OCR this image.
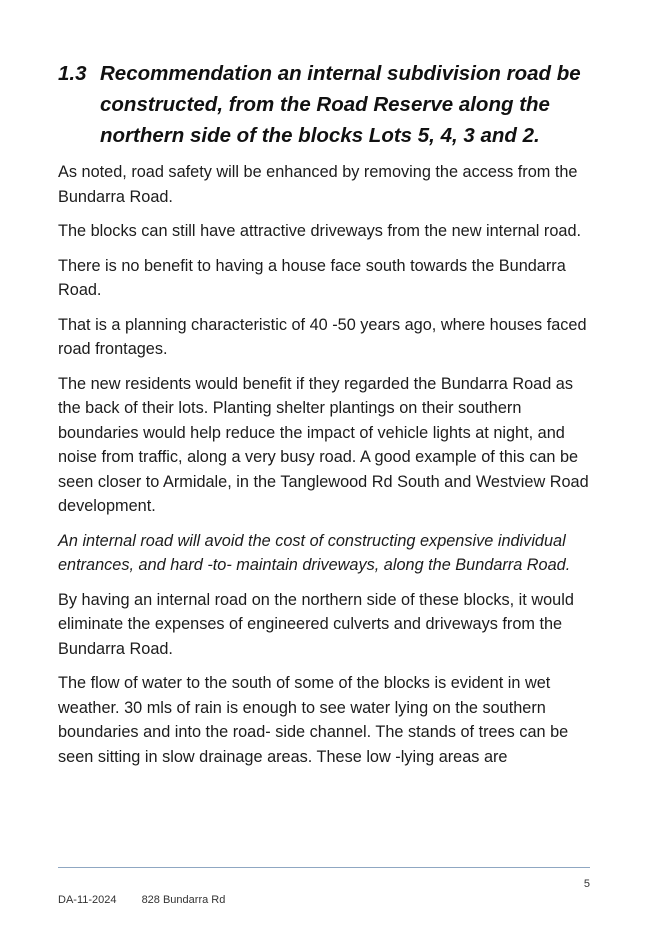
1.3 Recommendation an internal subdivision road be constructed, from the Road Reserve along the northern side of the blocks Lots 5, 4, 3 and 2.

As noted, road safety will be enhanced by removing the access from the Bundarra Road.

The blocks can still have attractive driveways from the new internal road.

There is no benefit to having a house face south towards the Bundarra Road.

That is a planning characteristic of 40 -50 years ago, where houses faced road frontages.

The new residents would benefit if they regarded the Bundarra Road as the back of their lots. Planting shelter plantings on their southern boundaries would help reduce the impact of vehicle lights at night, and noise from traffic, along a very busy road. A good example of this can be seen closer to Armidale, in the Tanglewood Rd South and Westview Road development.

An internal road will avoid the cost of constructing expensive individual entrances, and hard -to- maintain driveways, along the Bundarra Road.

By having an internal road on the northern side of these blocks, it would eliminate the expenses of engineered culverts and driveways from the Bundarra Road.

The flow of water to the south of some of the blocks is evident in wet weather. 30 mls of rain is enough to see water lying on the southern boundaries and into the road- side channel. The stands of trees can be seen sitting in slow drainage areas. These low -lying areas are

5
DA-11-2024 828 Bundarra Rd
